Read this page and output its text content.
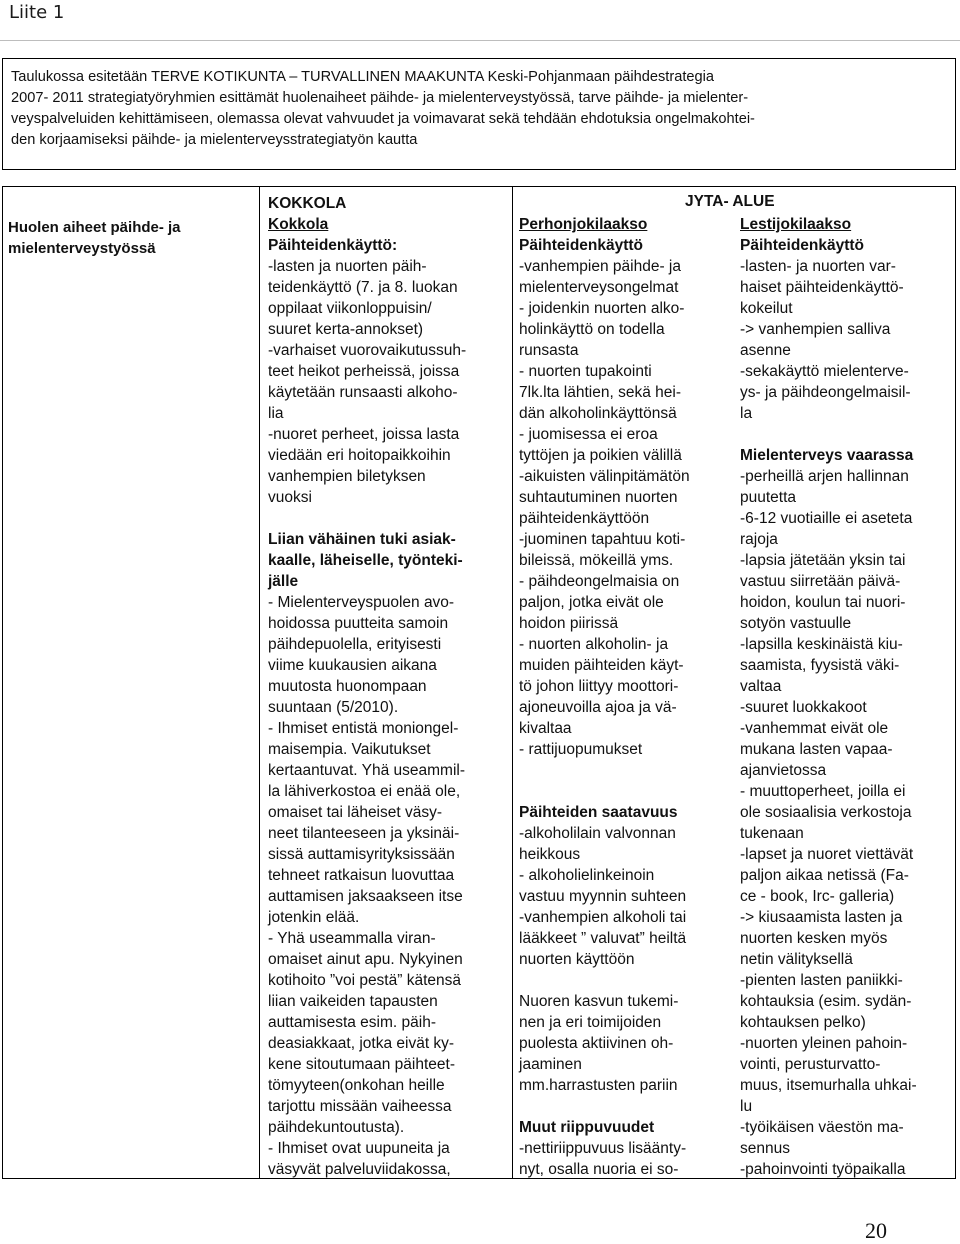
Liite 1

Taulukossa esitetään TERVE KOTIKUNTA – TURVALLINEN MAAKUNTA Keski-Pohjanmaan päihdestrategia

2007- 2011 strategiatyöryhmien esittämät huolenaiheet päihde- ja mielenterveystyössä, tarve päihde- ja mielenter-

veyspalveluiden kehittämiseen, olemassa olevat vahvuudet ja voimavarat sekä tehdään ehdotuksia ongelmakohtei-

den korjaamiseksi päihde- ja mielenterveysstrategiatyön kautta

Huolen aiheet päihde- ja

mielenterveystyössä

JYTA- ALUE

KOKKOLA

Kokkola

Päihteidenkäyttö:

-lasten ja nuorten päih-

teidenkäyttö (7. ja 8. luokan

oppilaat viikonloppuisin/

suuret kerta-annokset)

-varhaiset vuorovaikutussuh-

teet heikot perheissä, joissa

käytetään runsaasti alkoho-

lia

-nuoret perheet, joissa lasta

viedään eri hoitopaikkoihin

vanhempien biletyksen

vuoksi

Liian vähäinen tuki asiak-

kaalle, läheiselle, työnteki-

jälle

- Mielenterveyspuolen avo-

hoidossa puutteita samoin

päihdepuolella, erityisesti

viime kuukausien aikana

muutosta huonompaan

suuntaan (5/2010).

- Ihmiset entistä moniongel-

maisempia. Vaikutukset

kertaantuvat. Yhä useammil-

la lähiverkostoa ei enää ole,

omaiset tai läheiset väsy-

neet tilanteeseen ja yksinäi-

sissä auttamisyrityksissään

tehneet ratkaisun luovuttaa

auttamisen jaksaakseen itse

jotenkin elää.

- Yhä useammalla viran-

omaiset ainut apu. Nykyinen

kotihoito ”voi pestä” kätensä

liian vaikeiden tapausten

auttamisesta esim. päih-

deasiakkaat, jotka eivät ky-

kene sitoutumaan päihteet-

tömyyteen(onkohan heille

tarjottu missään vaiheessa

päihdekuntoutusta).

- Ihmiset ovat uupuneita ja

väsyvät palveluviidakossa,

Perhonjokilaakso

Päihteidenkäyttö

-vanhempien päihde- ja

mielenterveysongelmat

- joidenkin nuorten alko-

holinkäyttö on todella

runsasta

- nuorten tupakointi

7lk.lta lähtien, sekä hei-

dän alkoholinkäyttönsä

- juomisessa ei eroa

tyttöjen ja poikien välillä

-aikuisten välinpitämätön

suhtautuminen nuorten

päihteidenkäyttöön

-juominen tapahtuu koti-

bileissä, mökeillä yms.

- päihdeongelmaisia on

paljon, jotka eivät ole

hoidon piirissä

- nuorten alkoholin- ja

muiden päihteiden käyt-

tö johon liittyy moottori-

ajoneuvoilla ajoa ja vä-

kivaltaa

- rattijuopumukset

Päihteiden saatavuus

-alkoholilain valvonnan

heikkous

- alkoholielinkeinoin

vastuu myynnin suhteen

-vanhempien alkoholi tai

lääkkeet ” valuvat” heiltä

nuorten käyttöön

Nuoren kasvun tukemi-

nen ja eri toimijoiden

puolesta aktiivinen oh-

jaaminen

mm.harrastusten pariin

Muut riippuvuudet

-nettiriippuvuus lisäänty-

nyt, osalla nuoria ei so-

Lestijokilaakso

Päihteidenkäyttö

-lasten- ja nuorten var-

haiset päihteidenkäyttö-

kokeilut

-> vanhempien salliva

asenne

-sekakäyttö mielenterve-

ys- ja päihdeongelmaisil-

la

Mielenterveys vaarassa

-perheillä arjen hallinnan

puutetta

-6-12 vuotiaille ei aseteta

rajoja

-lapsia jätetään yksin tai

vastuu siirretään päivä-

hoidon, koulun tai nuori-

sotyön vastuulle

-lapsilla keskinäistä kiu-

saamista, fyysistä väki-

valtaa

-suuret luokkakoot

-vanhemmat eivät ole

mukana lasten vapaa-

ajanvietossa

- muuttoperheet, joilla ei

ole sosiaalisia verkostoja

tukenaan

-lapset ja nuoret viettävät

paljon aikaa netissä (Fa-

ce - book, Irc- galleria)

-> kiusaamista lasten ja

nuorten kesken myös

netin välityksellä

-pienten lasten paniikki-

kohtauksia (esim. sydän-

kohtauksen pelko)

-nuorten yleinen pahoin-

vointi, perusturvatto-

muus, itsemurhalla uhkai-

lu

-työikäisen väestön ma-

sennus

-pahoinvointi työpaikalla

20
